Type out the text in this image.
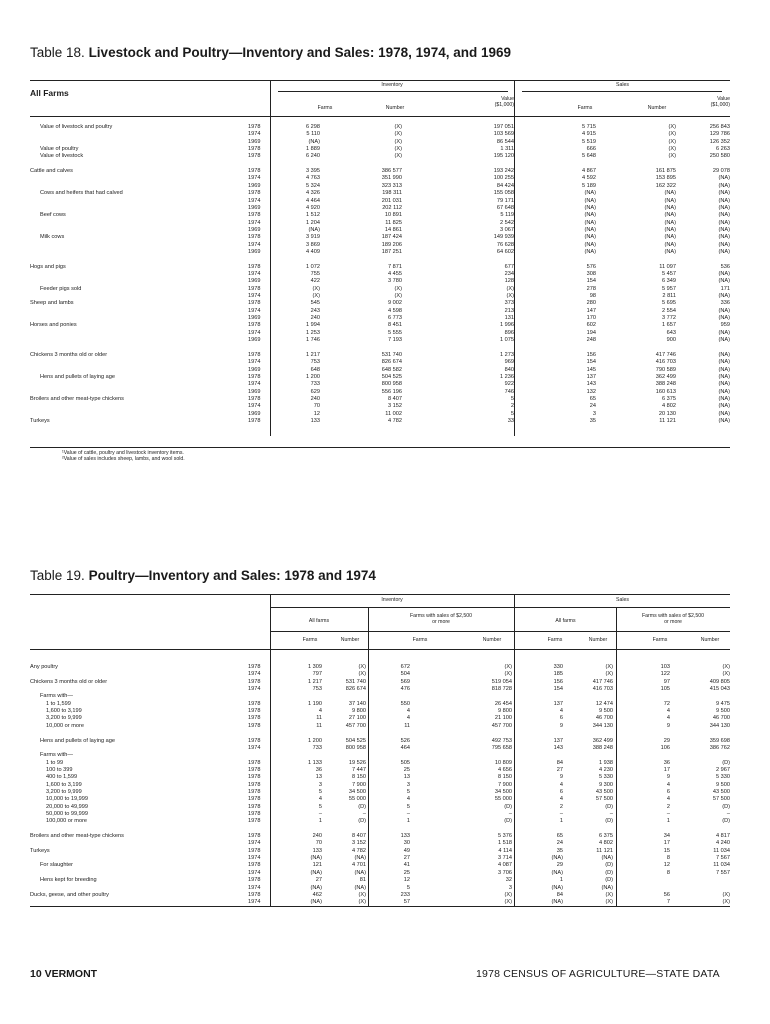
Table 18. Livestock and Poultry—Inventory and Sales: 1978, 1974, and 1969
All Farms
Inventory	Sales
Farms	Number
Value
($1,000)
Farms	Number
Value
($1,000)
Value of livestock and poultry	1978	6 298	(X)	197 051	5 715	(X)	256 843
1974	5 110	(X)	103 569	4 915	(X)	129 786
1969	(NA)	(X)	86 544	5 519	(X)	126 352
Value of poultry	1978	1 889	(X)	1 311	666	(X)	6 263
Value of livestock	1978	6 240	(X)	195 120	5 648	(X)	250 580
Cattle and calves	1978	3 395	386 577	193 242	4 867	161 875	29 078
1974	4 763	351 990	100 255	4 592	153 895	(NA)
1969	5 324	323 313	84 424	5 189	162 322	(NA)
Cows and heifers that had calved	1978	4 326	198 311	155 058	(NA)	(NA)	(NA)
1974	4 464	201 031	79 171	(NA)	(NA)	(NA)
1969	4 920	202 112	67 648	(NA)	(NA)	(NA)
Beef cows	1978	1 512	10 891	5 119	(NA)	(NA)	(NA)
1974	1 204	11 825	2 542	(NA)	(NA)	(NA)
1969	(NA)	14 861	3 067	(NA)	(NA)	(NA)
Milk cows	1978	3 919	187 424	149 939	(NA)	(NA)	(NA)
1974	3 869	189 206	76 628	(NA)	(NA)	(NA)
1969	4 409	187 251	64 602	(NA)	(NA)	(NA)
Hogs and pigs	1978	1 072	7 871	677	576	11 097	536
1974	755	4 455	234	308	5 457	(NA)
1969	422	3 780	128	154	6 349	(NA)
Feeder pigs sold	1978	(X)	(X)	(X)	278	5 957	171
1974	(X)	(X)	(X)	98	2 811	(NA)
Sheep and lambs	1978	545	9 002	373	280	5 695	336
1974	243	4 598	213	147	2 554	(NA)
1969	240	6 773	131	170	3 772	(NA)
Horses and ponies	1978	1 994	8 451	1 996	602	1 657	959
1974	1 253	5 555	896	194	643	(NA)
1969	1 746	7 193	1 075	248	900	(NA)
Chickens 3 months old or older	1978	1 217	531 740	1 273	156	417 746	(NA)
1974	753	826 674	969	154	416 703	(NA)
1969	648	648 582	840	145	790 589	(NA)
Hens and pullets of laying age	1978	1 200	504 525	1 236	137	362 499	(NA)
1974	733	800 958	922	143	388 248	(NA)
1969	629	556 196	746	132	160 613	(NA)
Broilers and other meat-type chickens	1978	240	8 407	5	65	6 375	(NA)
1974	70	3 152	2	24	4 802	(NA)
1969	12	11 002	5	3	20 130	(NA)
Turkeys	1978	133	4 782	33	35	11 121	(NA)
¹Value of cattle, poultry and livestock inventory items.
²Value of sales includes sheep, lambs, and wool sold.
Table 19. Poultry—Inventory and Sales: 1978 and 1974
Inventory	Sales
All farms
Farms with sales of $2,500
or more	All farms
Farms with sales of $2,500
or more
Farms	Number	Farms	Number	Farms	Number	Farms	Number
Any poultry	1978	1 309	(X)	672	(X)	330	(X)	103	(X)
1974	797	(X)	504	(X)	185	(X)	122	(X)
Chickens 3 months old or older	1978	1 217	531 740	569	519 054	156	417 746	97	409 805
1974	753	826 674	476	818 728	154	416 703	105	415 043
Farms with—
1 to 1,599	1978	1 190	37 140	550	26 454	137	12 474	72	9 475
1,600 to 3,199	1978	4	9 800	4	9 800	4	9 500	4	9 500
3,200 to 9,999	1978	11	27 100	4	21 100	6	46 700	4	46 700
10,000 or more	1978	11	457 700	11	457 700	9	344 130	9	344 130
Hens and pullets of laying age	1978	1 200	504 525	526	492 753	137	362 499	29	359 698
1974	733	800 958	464	795 658	143	388 248	106	386 762
Farms with—
1 to 99	1978	1 133	19 526	505	10 809	84	1 938	36	(D)
100 to 399	1978	36	7 447	25	4 656	27	4 230	17	2 967
400 to 1,599	1978	13	8 150	13	8 150	9	5 330	9	5 330
1,600 to 3,199	1978	3	7 900	3	7 900	4	9 300	4	9 500
3,200 to 9,999	1978	5	34 500	5	34 500	6	43 500	6	43 500
10,000 to 19,999	1978	4	55 000	4	55 000	4	57 500	4	57 500
20,000 to 49,999	1978	5	(D)	5	(D)	2	(D)	2	(D)
50,000 to 99,999	1978	–	–	–	–	–	–	–	–
100,000 or more	1978	1	(D)	1	(D)	1	(D)	1	(D)
Broilers and other meat-type chickens	1978	240	8 407	133	5 376	65	6 375	34	4 817
1974	70	3 152	30	1 518	24	4 802	17	4 240
Turkeys	1978	133	4 782	49	4 114	35	11 121	15	11 034
1974	(NA)	(NA)	27	3 714	(NA)	(NA)	8	7 567
For slaughter	1978	121	4 701	41	4 087	29	(D)	12	11 034
1974	(NA)	(NA)	25	3 706	(NA)	(D)	8	7 557
Hens kept for breeding	1978	27	81	12	32	1	(D)
1974	(NA)	(NA)	5	3	(NA)	(NA)
Ducks, geese, and other poultry	1978	462	(X)	233	(X)	84	(X)	56	(X)
1974	(NA)	(X)	57	(X)	(NA)	(X)	7	(X)
10 VERMONT	1978 CENSUS OF AGRICULTURE—STATE DATA
